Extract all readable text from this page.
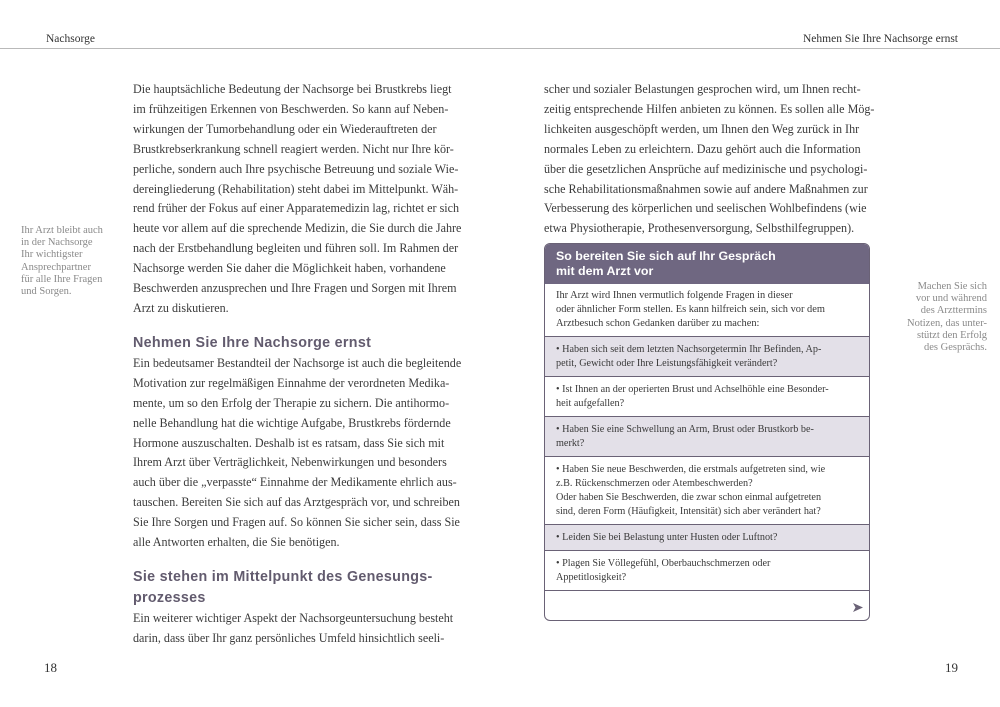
Nachsorge	Nehmen Sie Ihre Nachsorge ernst
Ihr Arzt bleibt auch
in der Nachsorge
Ihr wichtigster
Ansprechpartner
für alle Ihre Fragen
und Sorgen.	Machen Sie sich
vor und während
des Arzttermins
Notizen, das unter-
stützt den Erfolg
des Gesprächs.
Die hauptsächliche Bedeutung der Nachsorge bei Brustkrebs liegt
im frühzeitigen Erkennen von Beschwerden. So kann auf Neben-
wirkungen der Tumorbehandlung oder ein Wiederauftreten der
Brustkrebserkrankung schnell reagiert werden. Nicht nur Ihre kör-
perliche, sondern auch Ihre psychische Betreuung und soziale Wie-
dereingliederung (Rehabilitation) steht dabei im Mittelpunkt. Wäh-
rend früher der Fokus auf einer Apparatemedizin lag, richtet er sich
heute vor allem auf die sprechende Medizin, die Sie durch die Jahre
nach der Erstbehandlung begleiten und führen soll. Im Rahmen der
Nachsorge werden Sie daher die Möglichkeit haben, vorhandene
Beschwerden anzusprechen und Ihre Fragen und Sorgen mit Ihrem
Arzt zu diskutieren.
Nehmen Sie Ihre Nachsorge ernst
Ein bedeutsamer Bestandteil der Nachsorge ist auch die begleitende
Motivation zur regelmäßigen Einnahme der verordneten Medika-
mente, um so den Erfolg der Therapie zu sichern. Die antihormo-
nelle Behandlung hat die wichtige Aufgabe, Brustkrebs fördernde
Hormone auszuschalten. Deshalb ist es ratsam, dass Sie sich mit
Ihrem Arzt über Verträglichkeit, Nebenwirkungen und besonders
auch über die „verpasste“ Einnahme der Medikamente ehrlich aus-
tauschen. Bereiten Sie sich auf das Arztgespräch vor, und schreiben
Sie Ihre Sorgen und Fragen auf. So können Sie sicher sein, dass Sie
alle Antworten erhalten, die Sie benötigen.
Sie stehen im Mittelpunkt des Genesungs-
prozesses
Ein weiterer wichtiger Aspekt der Nachsorgeuntersuchung besteht
darin, dass über Ihr ganz persönliches Umfeld hinsichtlich seeli-
scher und sozialer Belastungen gesprochen wird, um Ihnen recht-
zeitig entsprechende Hilfen anbieten zu können. Es sollen alle Mög-
lichkeiten ausgeschöpft werden, um Ihnen den Weg zurück in Ihr
normales Leben zu erleichtern. Dazu gehört auch die Information
über die gesetzlichen Ansprüche auf medizinische und psychologi-
sche Rehabilitationsmaßnahmen sowie auf andere Maßnahmen zur
Verbesserung des körperlichen und seelischen Wohlbefindens (wie
etwa Physiotherapie, Prothesenversorgung, Selbsthilfegruppen).
So bereiten Sie sich auf Ihr Gespräch
mit dem Arzt vor
Ihr Arzt wird Ihnen vermutlich folgende Fragen in dieser
oder ähnlicher Form stellen. Es kann hilfreich sein, sich vor dem
Arztbesuch schon Gedanken darüber zu machen:
• Haben sich seit dem letzten Nachsorgetermin Ihr Befinden, Ap-
petit, Gewicht oder Ihre Leistungsfähigkeit verändert?
• Ist Ihnen an der operierten Brust und Achselhöhle eine Besonder-
heit aufgefallen?
• Haben Sie eine Schwellung an Arm, Brust oder Brustkorb be-
merkt?
• Haben Sie neue Beschwerden, die erstmals aufgetreten sind, wie
z.B. Rückenschmerzen oder Atembeschwerden?
Oder haben Sie Beschwerden, die zwar schon einmal aufgetreten
sind, deren Form (Häufigkeit, Intensität) sich aber verändert hat?
• Leiden Sie bei Belastung unter Husten oder Luftnot?
• Plagen Sie Völlegefühl, Oberbauchschmerzen oder
Appetitlosigkeit?
18	19
